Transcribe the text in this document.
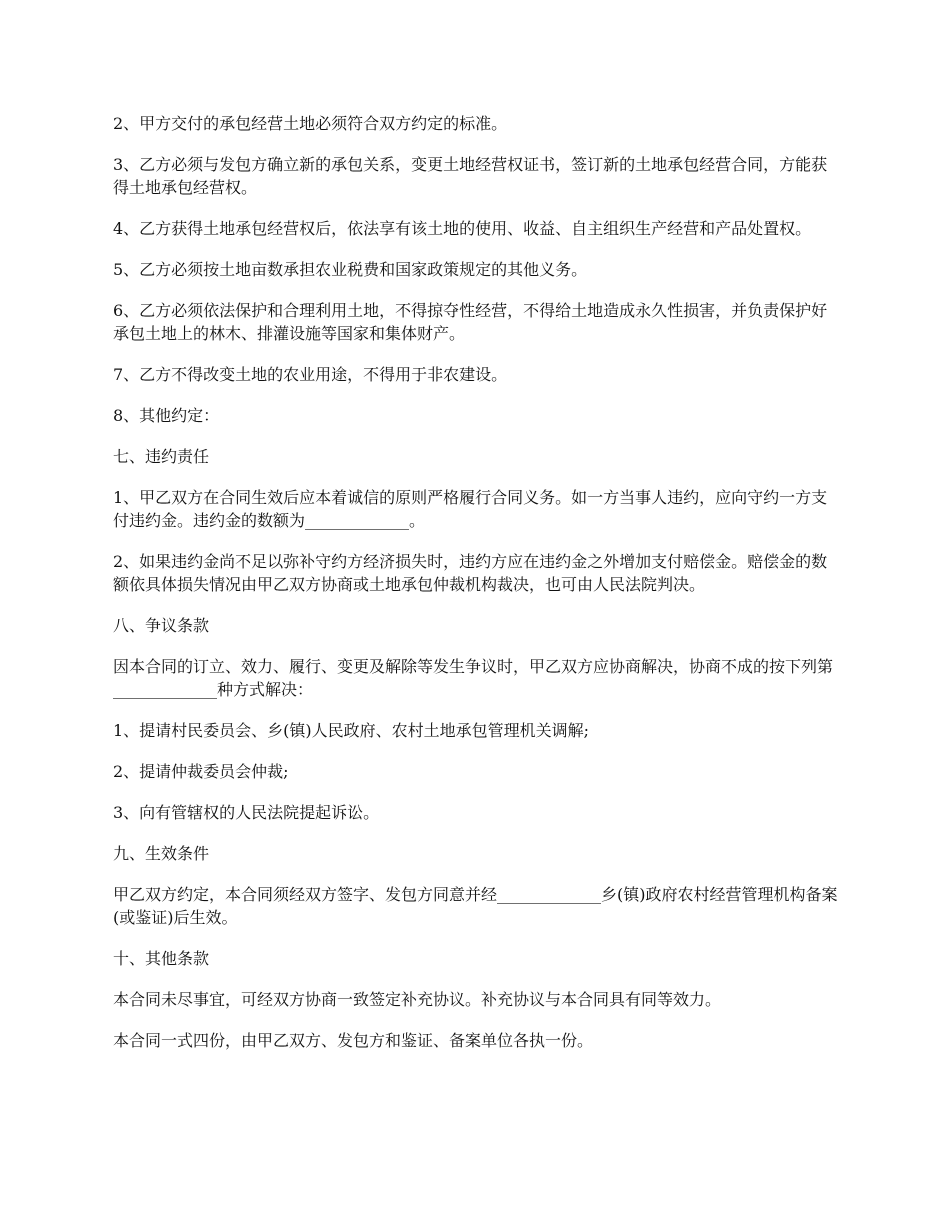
2、甲方交付的承包经营土地必须符合双方约定的标准。

3、乙方必须与发包方确立新的承包关系，变更土地经营权证书，签订新的土地承包经营合同，方能获得土地承包经营权。

4、乙方获得土地承包经营权后，依法享有该土地的使用、收益、自主组织生产经营和产品处置权。

5、乙方必须按土地亩数承担农业税费和国家政策规定的其他义务。

6、乙方必须依法保护和合理利用土地，不得掠夺性经营，不得给土地造成永久性损害，并负责保护好承包土地上的林木、排灌设施等国家和集体财产。

7、乙方不得改变土地的农业用途，不得用于非农建设。

8、其他约定：

七、违约责任

1、甲乙双方在合同生效后应本着诚信的原则严格履行合同义务。如一方当事人违约，应向守约一方支付违约金。违约金的数额为_____________。

2、如果违约金尚不足以弥补守约方经济损失时，违约方应在违约金之外增加支付赔偿金。赔偿金的数额依具体损失情况由甲乙双方协商或土地承包仲裁机构裁决，也可由人民法院判决。

八、争议条款

因本合同的订立、效力、履行、变更及解除等发生争议时，甲乙双方应协商解决，协商不成的按下列第_____________种方式解决：

1、提请村民委员会、乡(镇)人民政府、农村土地承包管理机关调解;

2、提请仲裁委员会仲裁;

3、向有管辖权的人民法院提起诉讼。

九、生效条件

甲乙双方约定，本合同须经双方签字、发包方同意并经_____________乡(镇)政府农村经营管理机构备案(或鉴证)后生效。

十、其他条款

本合同未尽事宜，可经双方协商一致签定补充协议。补充协议与本合同具有同等效力。

本合同一式四份，由甲乙双方、发包方和鉴证、备案单位各执一份。
